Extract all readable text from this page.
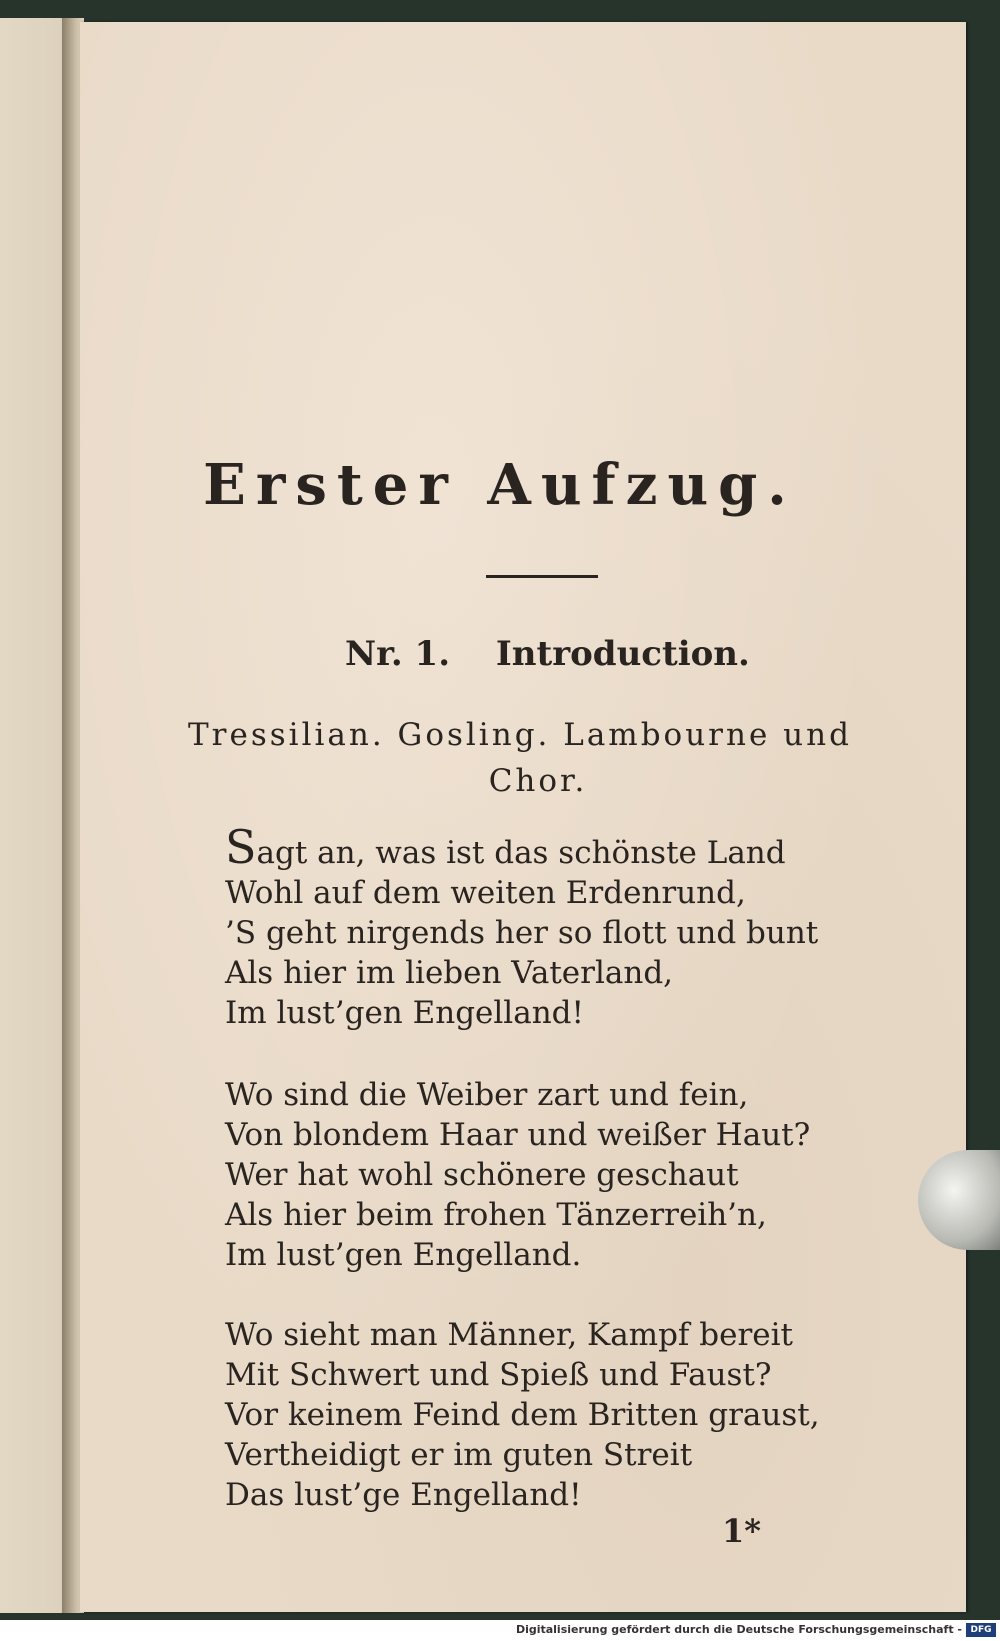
Erster Aufzug.
Nr. 1. Introduction.
Tressilian. Gosling. Lambourne und
Chor.
Sagt an, was ist das schönste Land
Wohl auf dem weiten Erdenrund,
’S geht nirgends her so flott und bunt
Als hier im lieben Vaterland,
Im lust’gen Engelland!
Wo sind die Weiber zart und fein,
Von blondem Haar und weißer Haut?
Wer hat wohl schönere geschaut
Als hier beim frohen Tänzerreih’n,
Im lust’gen Engelland.
Wo sieht man Männer, Kampf bereit
Mit Schwert und Spieß und Faust?
Vor keinem Feind dem Britten graust,
Vertheidigt er im guten Streit
Das lust’ge Engelland!
1*
Digitalisierung gefördert durch die Deutsche Forschungsgemeinschaft - DFG
